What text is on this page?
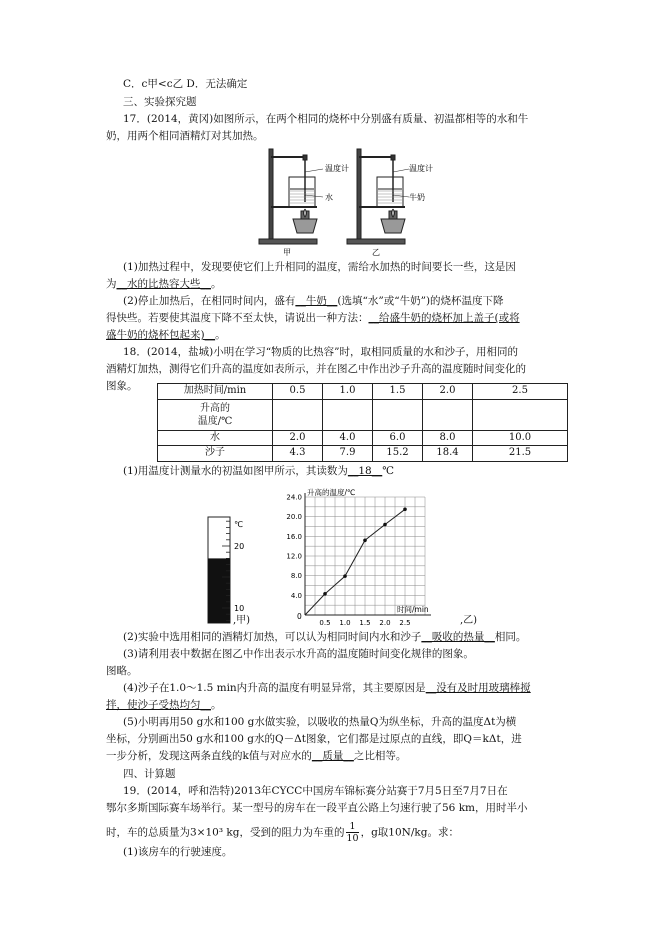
C．c甲<c乙 D．无法确定
三、实验探究题
17．(2014，黄冈)如图所示，在两个相同的烧杯中分别盛有质量、初温都相等的水和牛
奶，用两个相同酒精灯对其加热。
温度计
水
甲
温度计
牛奶
乙
(1)加热过程中，发现要使它们上升相同的温度，需给水加热的时间要长一些，这是因
为__水的比热容大些__。
(2)停止加热后，在相同时间内，盛有__牛奶__(选填“水”或“牛奶”)的烧杯温度下降
得快些。若要使其温度下降不至太快，请说出一种方法：__给盛牛奶的烧杯加上盖子(或将
盛牛奶的烧杯包起来)__。
18．(2014，盐城)小明在学习“物质的比热容”时，取相同质量的水和沙子，用相同的
酒精灯加热，测得它们升高的温度如表所示，并在图乙中作出沙子升高的温度随时间变化的
图象。	加热时间/min	0.5	1.0	1.5	2.0	2.5
升高的
温度/℃					
水	2.0	4.0	6.0	8.0	10.0
沙子	4.3	7.9	15.2	18.4	21.5
(1)用温度计测量水的初温如图甲所示，其读数为__18__℃
℃
20
10
,甲)
4.0
8.0
12.0
16.0
20.0
24.0
0.5 1.0 1.5 2.0 2.5
升高的温度/℃
时间/min
0	,乙)
(2)实验中选用相同的酒精灯加热，可以认为相同时间内水和沙子__吸收的热量__相同。
(3)请利用表中数据在图乙中作出表示水升高的温度随时间变化规律的图象。
图略。
(4)沙子在1.0～1.5 min内升高的温度有明显异常，其主要原因是__没有及时用玻璃棒搅
拌，使沙子受热均匀__。
(5)小明再用50 g水和100 g水做实验，以吸收的热量Q为纵坐标，升高的温度Δt为横
坐标，分别画出50 g水和100 g水的Q－Δt图象，它们都是过原点的直线，即Q＝kΔt，进
一步分析，发现这两条直线的k值与对应水的__质量__之比相等。
四、计算题
19．(2014，呼和浩特)2013年CYCC中国房车锦标赛分站赛于7月5日至7月7日在
鄂尔多斯国际赛车场举行。某一型号的房车在一段平直公路上匀速行驶了56 km，用时半小
时，车的总质量为3×10³ kg，受到的阻力为车重的 $\frac{1}{10}$ ，g取10N/kg。求：
(1)该房车的行驶速度。
